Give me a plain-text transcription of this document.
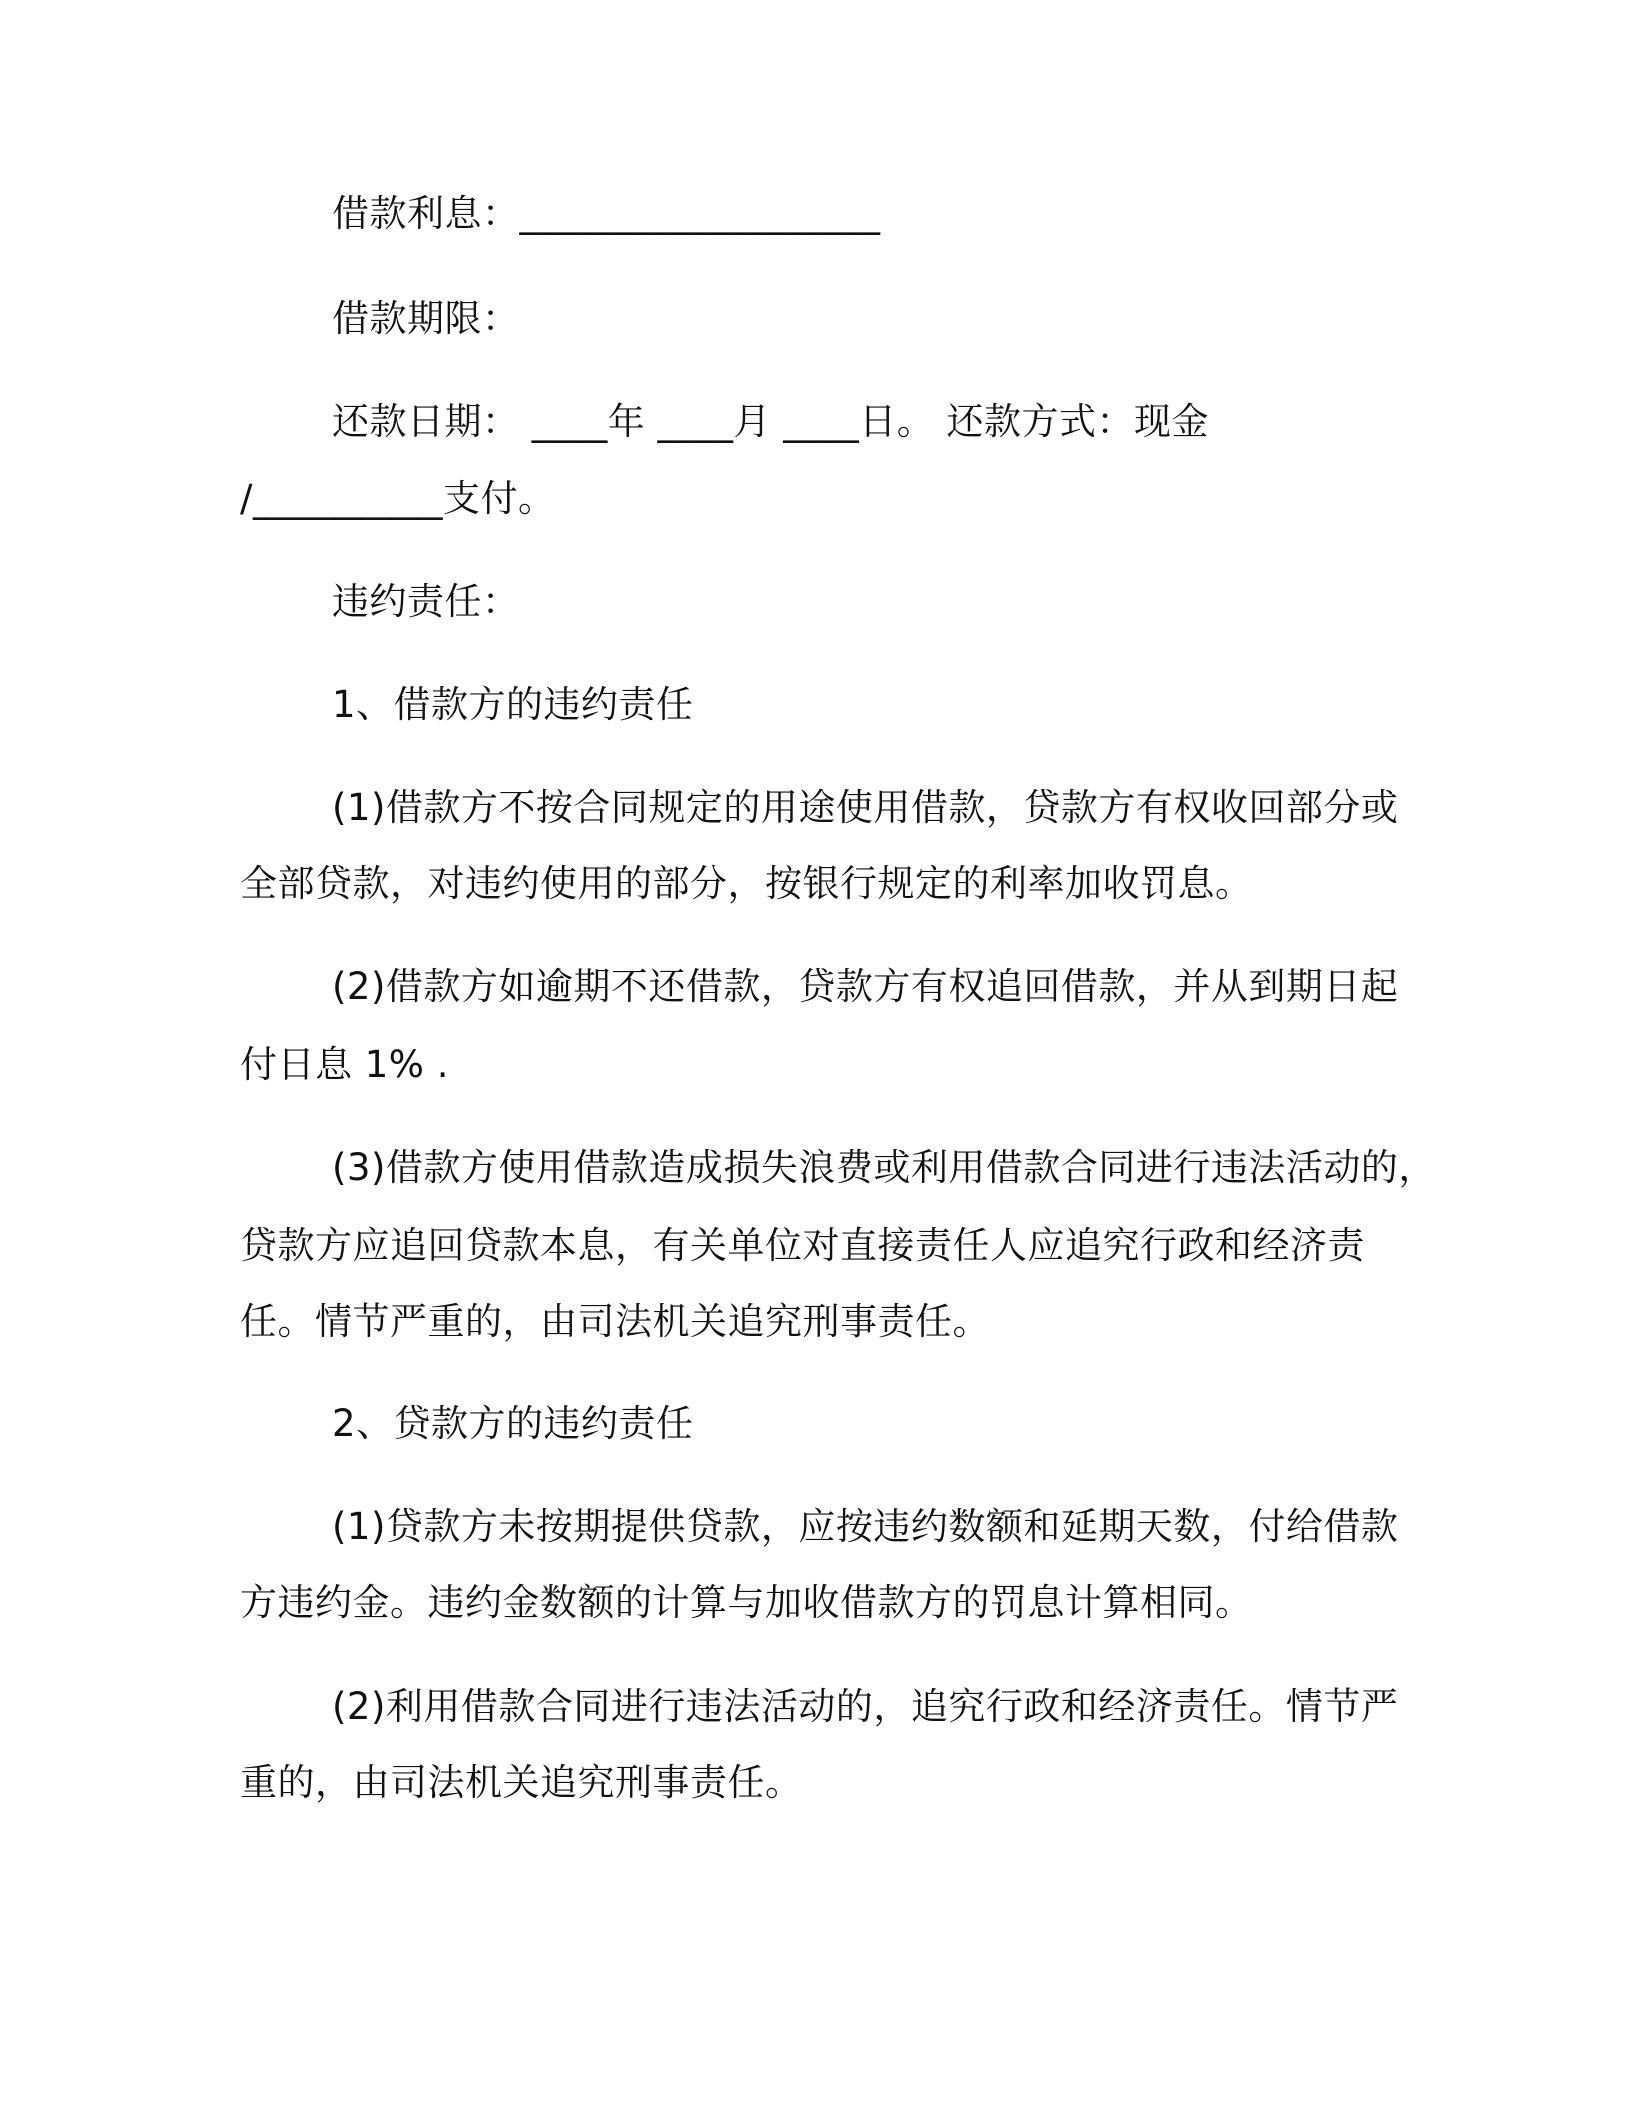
借款利息：___________________
借款期限：
还款日期： ____年 ____月 ____日。 还款方式：现金
/__________支付。
违约责任：
1、借款方的违约责任
(1)借款方不按合同规定的用途使用借款，贷款方有权收回部分或
全部贷款，对违约使用的部分，按银行规定的利率加收罚息。
(2)借款方如逾期不还借款，贷款方有权追回借款，并从到期日起
付日息 1% .
(3)借款方使用借款造成损失浪费或利用借款合同进行违法活动的，
贷款方应追回贷款本息，有关单位对直接责任人应追究行政和经济责
任。情节严重的，由司法机关追究刑事责任。
2、贷款方的违约责任
(1)贷款方未按期提供贷款，应按违约数额和延期天数，付给借款
方违约金。违约金数额的计算与加收借款方的罚息计算相同。
(2)利用借款合同进行违法活动的，追究行政和经济责任。情节严
重的，由司法机关追究刑事责任。
